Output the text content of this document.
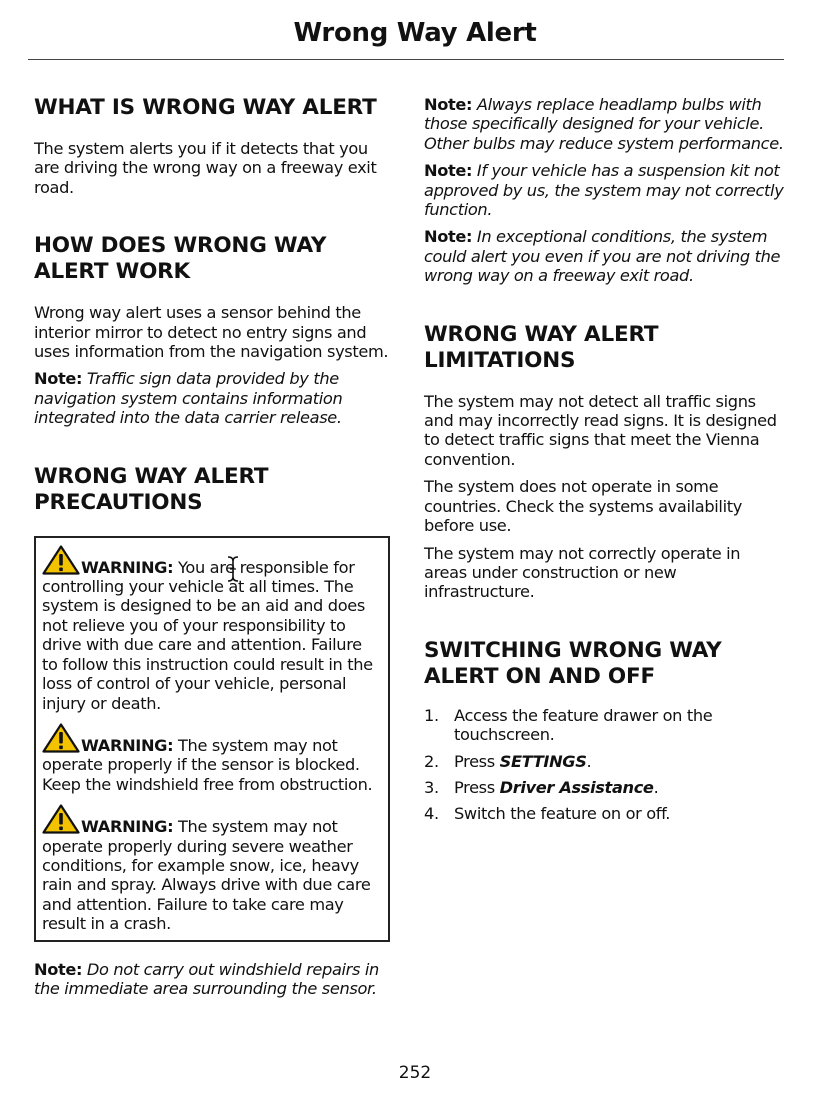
Wrong Way Alert
WHAT IS WRONG WAY ALERT

The system alerts you if it detects that you are driving the wrong way on a freeway exit road.

HOW DOES WRONG WAY ALERT WORK

Wrong way alert uses a sensor behind the interior mirror to detect no entry signs and uses information from the navigation system.

Note: Traffic sign data provided by the navigation system contains information integrated into the data carrier release.

WRONG WAY ALERT PRECAUTIONS

WARNING: You are responsible for controlling your vehicle at all times. The system is designed to be an aid and does not relieve you of your responsibility to drive with due care and attention. Failure to follow this instruction could result in the loss of control of your vehicle, personal injury or death.

WARNING: The system may not operate properly if the sensor is blocked. Keep the windshield free from obstruction.

WARNING: The system may not operate properly during severe weather conditions, for example snow, ice, heavy rain and spray. Always drive with due care and attention. Failure to take care may result in a crash.

Note: Do not carry out windshield repairs in the immediate area surrounding the sensor.

Note: Always replace headlamp bulbs with those specifically designed for your vehicle. Other bulbs may reduce system performance.

Note: If your vehicle has a suspension kit not approved by us, the system may not correctly function.

Note: In exceptional conditions, the system could alert you even if you are not driving the wrong way on a freeway exit road.

WRONG WAY ALERT LIMITATIONS

The system may not detect all traffic signs and may incorrectly read signs. It is designed to detect traffic signs that meet the Vienna convention.

The system does not operate in some countries. Check the systems availability before use.

The system may not correctly operate in areas under construction or new infrastructure.

SWITCHING WRONG WAY ALERT ON AND OFF
1. Access the feature drawer on the touchscreen.
2. Press SETTINGS.
3. Press Driver Assistance.
4. Switch the feature on or off.
252
